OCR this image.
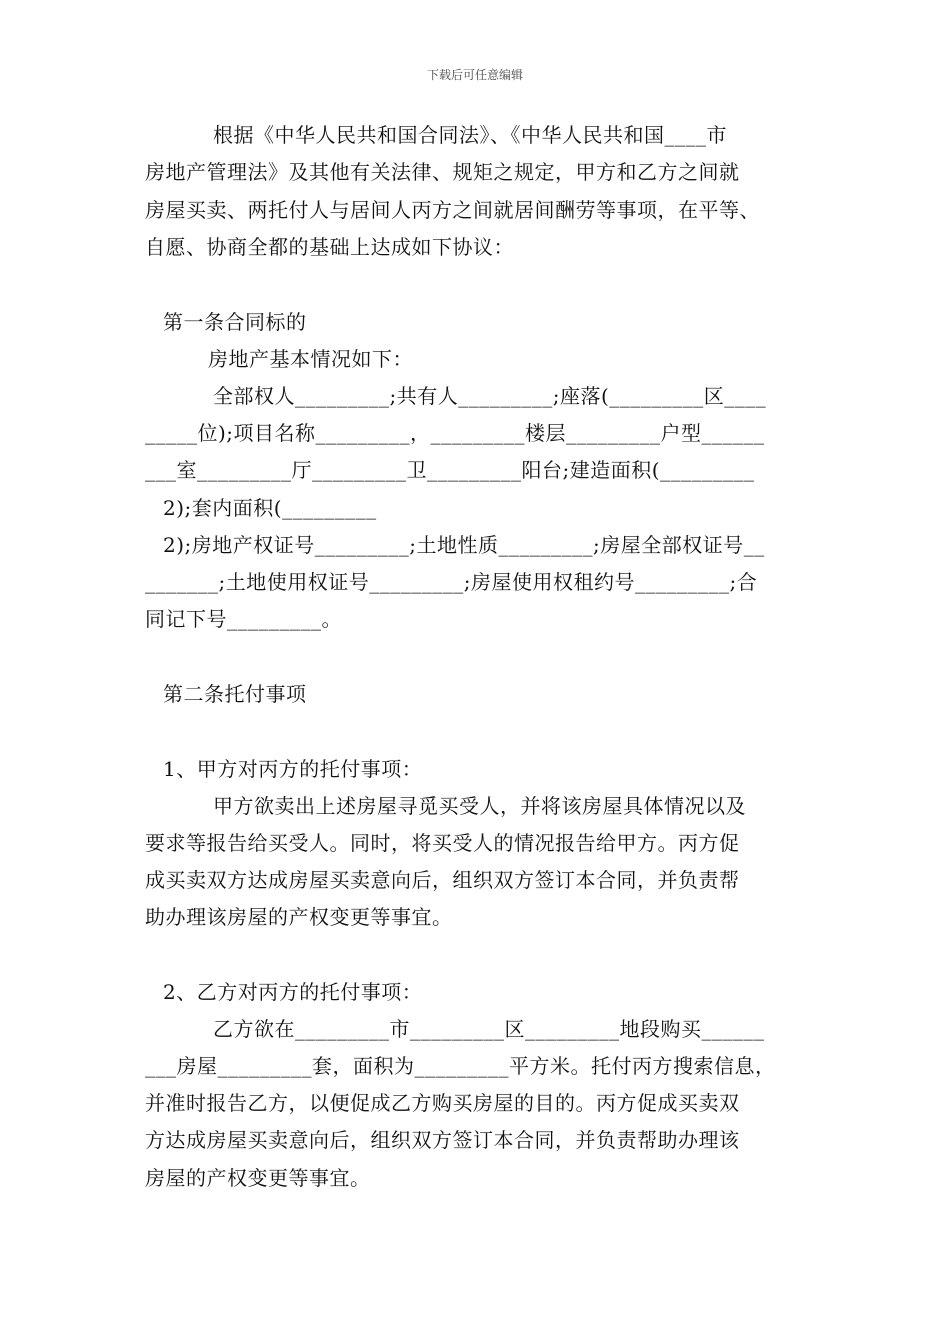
下载后可任意编辑
根据《中华人民共和国合同法》、《中华人民共和国____市
房地产管理法》及其他有关法律、规矩之规定，甲方和乙方之间就
房屋买卖、两托付人与居间人丙方之间就居间酬劳等事项，在平等、
自愿、协商全都的基础上达成如下协议：
第一条合同标的
房地产基本情况如下：
全部权人_________;共有人_________;座落(_________区____
_____位);项目名称_________，_________楼层_________户型______
___室_________厅_________卫_________阳台;建造面积(_________
2);套内面积(_________
2);房地产权证号_________;土地性质_________;房屋全部权证号__
_______;土地使用权证号_________;房屋使用权租约号_________;合
同记下号_________。
第二条托付事项
1、甲方对丙方的托付事项：
甲方欲卖出上述房屋寻觅买受人，并将该房屋具体情况以及
要求等报告给买受人。同时，将买受人的情况报告给甲方。丙方促
成买卖双方达成房屋买卖意向后，组织双方签订本合同，并负责帮
助办理该房屋的产权变更等事宜。
2、乙方对丙方的托付事项：
乙方欲在_________市_________区_________地段购买______
___房屋_________套，面积为_________平方米。托付丙方搜索信息，
并准时报告乙方，以便促成乙方购买房屋的目的。丙方促成买卖双
方达成房屋买卖意向后，组织双方签订本合同，并负责帮助办理该
房屋的产权变更等事宜。
